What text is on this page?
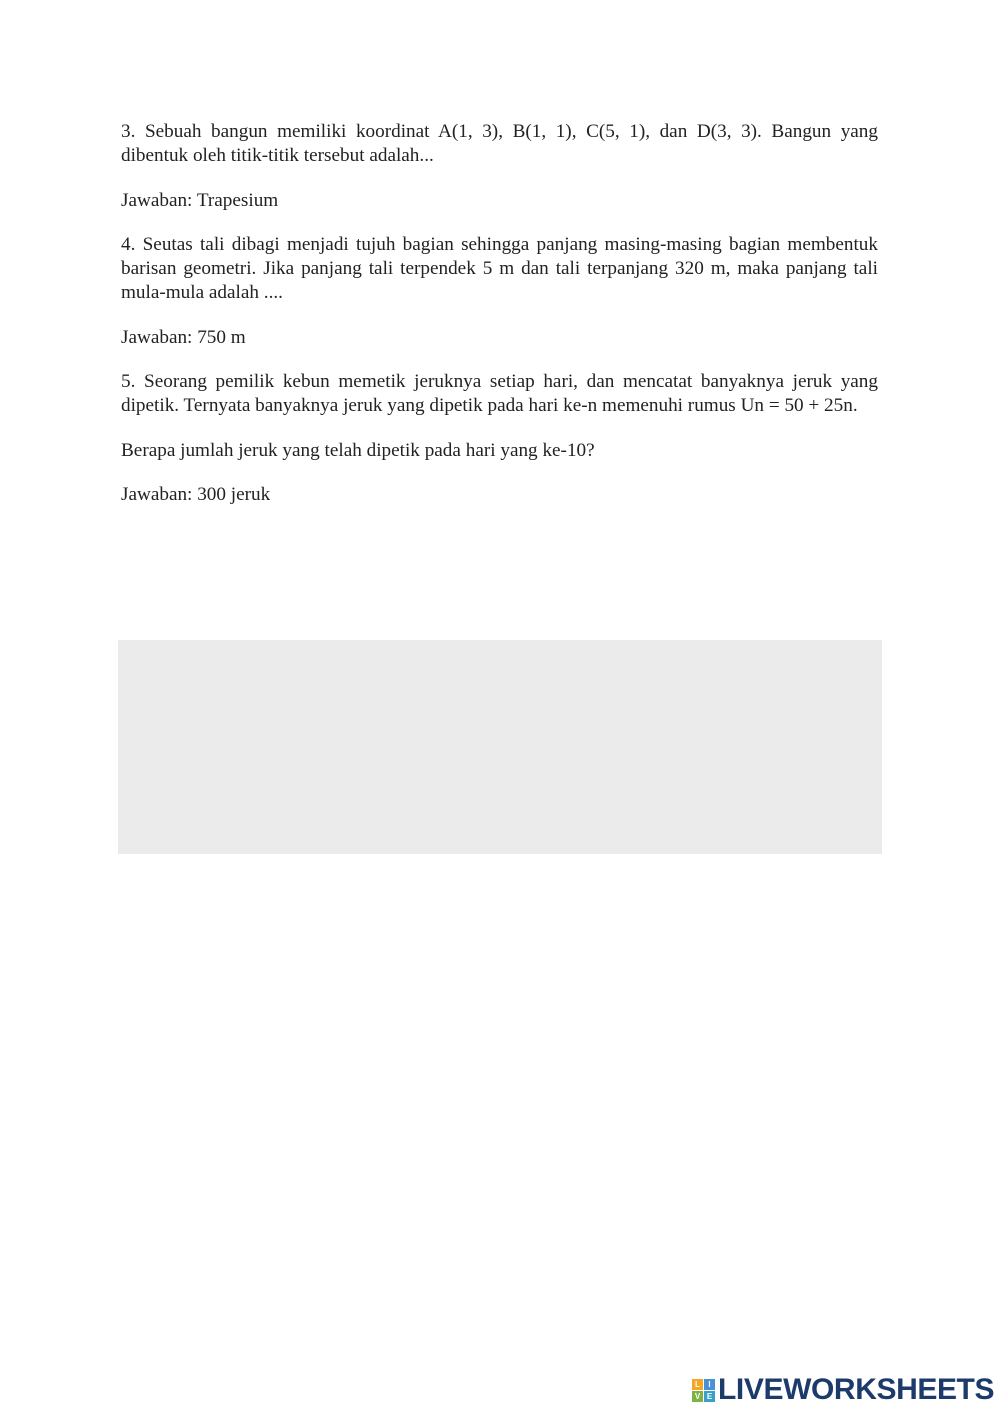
3. Sebuah bangun memiliki koordinat A(1, 3), B(1, 1), C(5, 1), dan D(3, 3). Bangun yang dibentuk oleh titik-titik tersebut adalah...

Jawaban: Trapesium

4. Seutas tali dibagi menjadi tujuh bagian sehingga panjang masing-masing bagian membentuk barisan geometri. Jika panjang tali terpendek 5 m dan tali terpanjang 320 m, maka panjang tali mula-mula adalah ....

Jawaban: 750 m

5. Seorang pemilik kebun memetik jeruknya setiap hari, dan mencatat banyaknya jeruk yang dipetik. Ternyata banyaknya jeruk yang dipetik pada hari ke-n memenuhi rumus Un = 50 + 25n.

Berapa jumlah jeruk yang telah dipetik pada hari yang ke-10?

Jawaban: 300 jeruk

L	I
V E LIVEWORKSHEETS
